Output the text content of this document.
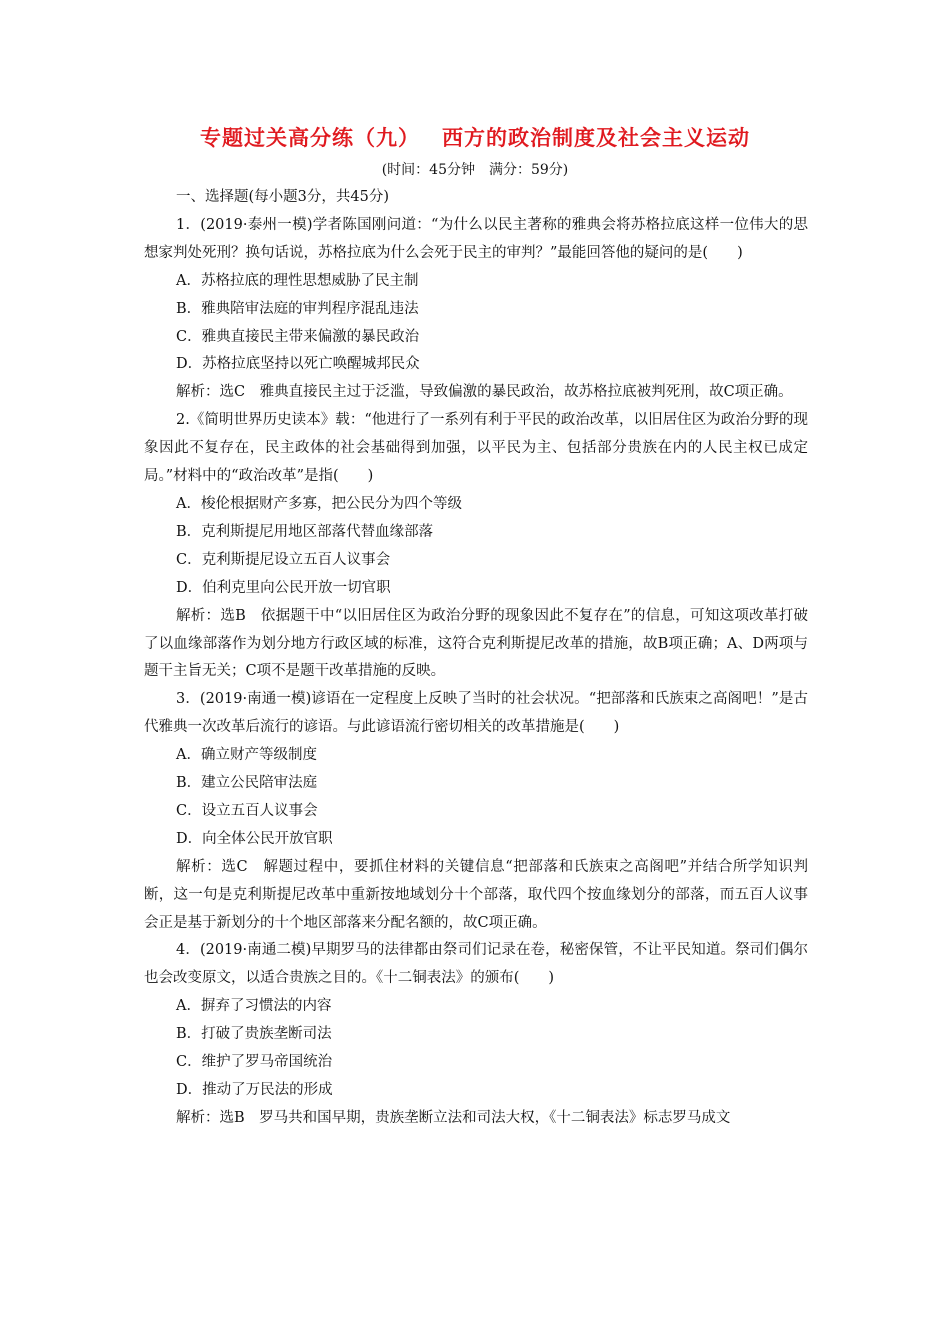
专题过关高分练（九） 西方的政治制度及社会主义运动
(时间：45分钟　满分：59分)

一、选择题(每小题3分，共45分)

1．(2019·泰州一模)学者陈国刚问道：“为什么以民主著称的雅典会将苏格拉底这样一位伟大的思想家判处死刑？换句话说，苏格拉底为什么会死于民主的审判？”最能回答他的疑问的是(　　)

A．苏格拉底的理性思想威胁了民主制

B．雅典陪审法庭的审判程序混乱违法

C．雅典直接民主带来偏激的暴民政治

D．苏格拉底坚持以死亡唤醒城邦民众

解析：选C　雅典直接民主过于泛滥，导致偏激的暴民政治，故苏格拉底被判死刑，故C项正确。

2.《简明世界历史读本》载：“他进行了一系列有利于平民的政治改革，以旧居住区为政治分野的现象因此不复存在，民主政体的社会基础得到加强，以平民为主、包括部分贵族在内的人民主权已成定局。”材料中的“政治改革”是指(　　)

A．梭伦根据财产多寡，把公民分为四个等级

B．克利斯提尼用地区部落代替血缘部落

C．克利斯提尼设立五百人议事会

D．伯利克里向公民开放一切官职

解析：选B　依据题干中“以旧居住区为政治分野的现象因此不复存在”的信息，可知这项改革打破了以血缘部落作为划分地方行政区域的标准，这符合克利斯提尼改革的措施，故B项正确；A、D两项与题干主旨无关；C项不是题干改革措施的反映。

3．(2019·南通一模)谚语在一定程度上反映了当时的社会状况。“把部落和氏族束之高阁吧！”是古代雅典一次改革后流行的谚语。与此谚语流行密切相关的改革措施是(　　)

A．确立财产等级制度

B．建立公民陪审法庭

C．设立五百人议事会

D．向全体公民开放官职

解析：选C　解题过程中，要抓住材料的关键信息“把部落和氏族束之高阁吧”并结合所学知识判断，这一句是克利斯提尼改革中重新按地域划分十个部落，取代四个按血缘划分的部落，而五百人议事会正是基于新划分的十个地区部落来分配名额的，故C项正确。

4．(2019·南通二模)早期罗马的法律都由祭司们记录在卷，秘密保管，不让平民知道。祭司们偶尔也会改变原文，以适合贵族之目的。《十二铜表法》的颁布(　　)

A．摒弃了习惯法的内容

B．打破了贵族垄断司法

C．维护了罗马帝国统治

D．推动了万民法的形成

解析：选B　罗马共和国早期，贵族垄断立法和司法大权，《十二铜表法》标志罗马成文
